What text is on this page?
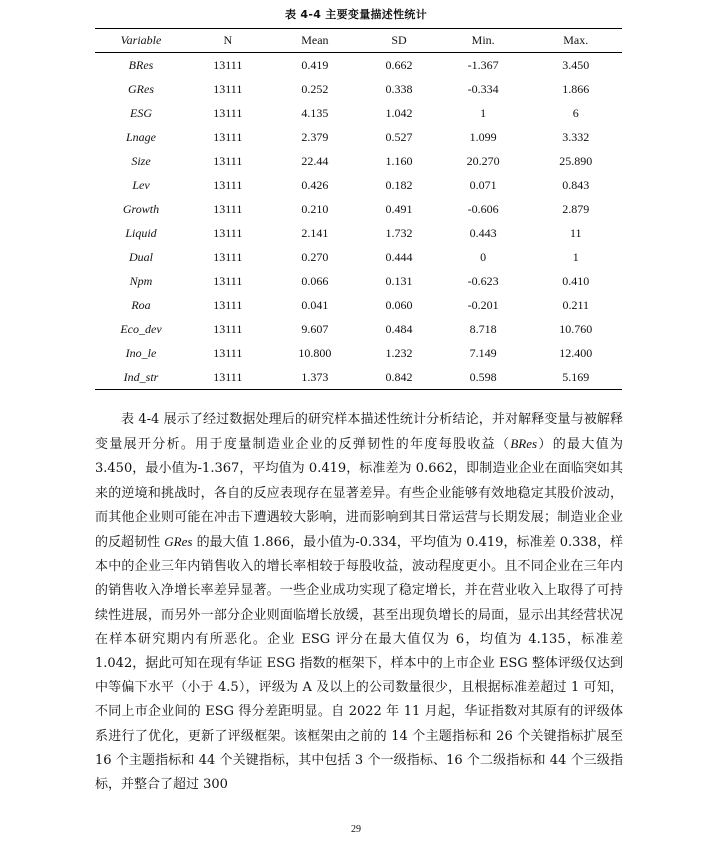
表 4-4 主要变量描述性统计
Variable	N	Mean	SD	Min.	Max.
BRes	13111	0.419	0.662	-1.367	3.450
GRes	13111	0.252	0.338	-0.334	1.866
ESG	13111	4.135	1.042	1	6
Lnage	13111	2.379	0.527	1.099	3.332
Size	13111	22.44	1.160	20.270	25.890
Lev	13111	0.426	0.182	0.071	0.843
Growth	13111	0.210	0.491	-0.606	2.879
Liquid	13111	2.141	1.732	0.443	11
Dual	13111	0.270	0.444	0	1
Npm	13111	0.066	0.131	-0.623	0.410
Roa	13111	0.041	0.060	-0.201	0.211
Eco_dev	13111	9.607	0.484	8.718	10.760
Ino_le	13111	10.800	1.232	7.149	12.400
Ind_str	13111	1.373	0.842	0.598	5.169

表 4-4 展示了经过数据处理后的研究样本描述性统计分析结论，并对解释变量与被解释变量展开分析。用于度量制造业企业的反弹韧性的年度每股收益（BRes）的最大值为 3.450，最小值为-1.367，平均值为 0.419，标准差为 0.662，即制造业企业在面临突如其来的逆境和挑战时，各自的反应表现存在显著差异。有些企业能够有效地稳定其股价波动，而其他企业则可能在冲击下遭遇较大影响，进而影响到其日常运营与长期发展；制造业企业的反超韧性 GRes 的最大值 1.866，最小值为-0.334，平均值为 0.419，标准差 0.338，样本中的企业三年内销售收入的增长率相较于每股收益，波动程度更小。且不同企业在三年内的销售收入净增长率差异显著。一些企业成功实现了稳定增长，并在营业收入上取得了可持续性进展，而另外一部分企业则面临增长放缓，甚至出现负增长的局面，显示出其经营状况在样本研究期内有所恶化。企业 ESG 评分在最大值仅为 6，均值为 4.135，标准差 1.042，据此可知在现有华证 ESG 指数的框架下，样本中的上市企业 ESG 整体评级仅达到中等偏下水平（小于 4.5），评级为 A 及以上的公司数量很少，且根据标准差超过 1 可知，不同上市企业间的 ESG 得分差距明显。自 2022 年 11 月起，华证指数对其原有的评级体系进行了优化，更新了评级框架。该框架由之前的 14 个主题指标和 26 个关键指标扩展至 16 个主题指标和 44 个关键指标，其中包括 3 个一级指标、16 个二级指标和 44 个三级指标，并整合了超过 300

29
